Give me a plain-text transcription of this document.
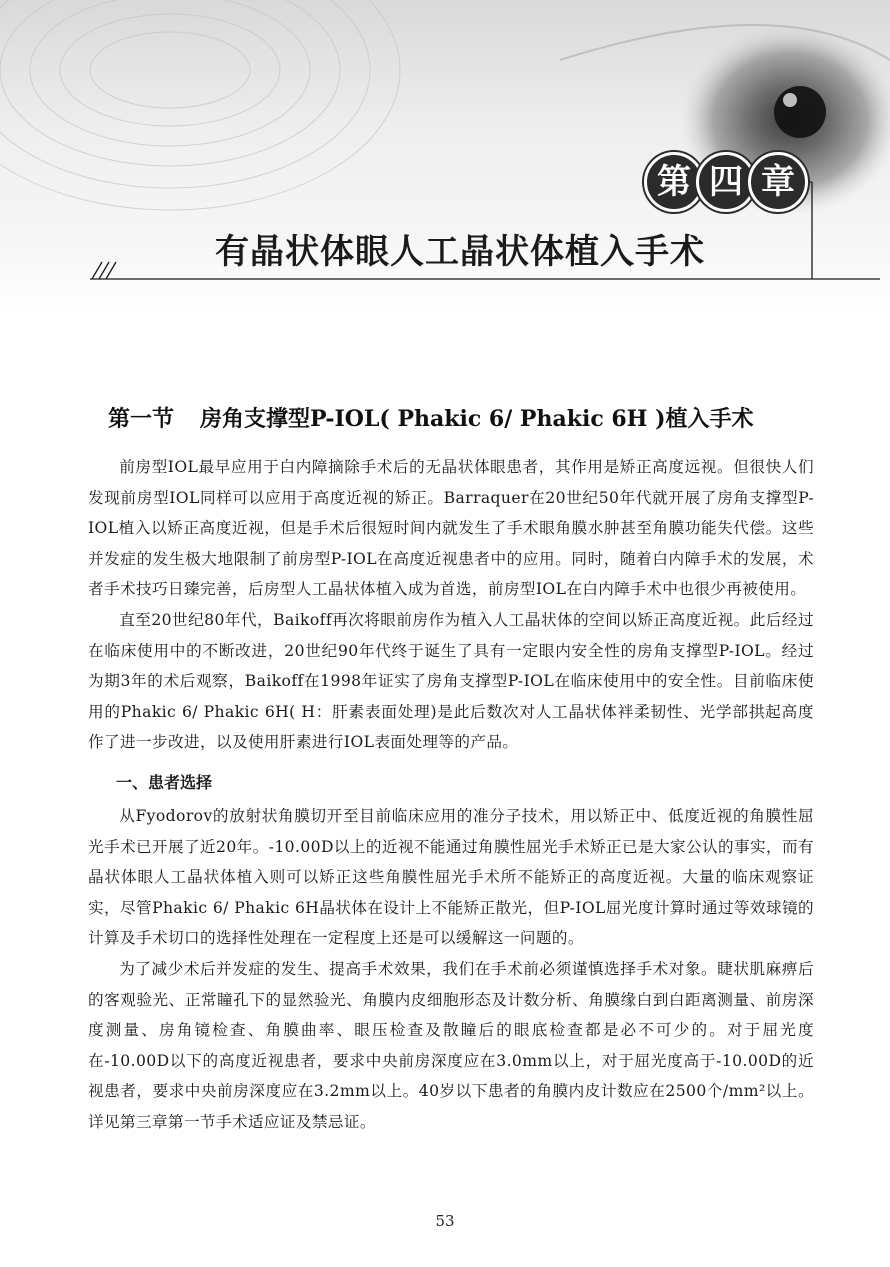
第 四 章
有晶状体眼人工晶状体植入手术
第一节 房角支撑型P-IOL( Phakic 6/ Phakic 6H )植入手术

前房型IOL最早应用于白内障摘除手术后的无晶状体眼患者，其作用是矫正高度远视。但很快人们发现前房型IOL同样可以应用于高度近视的矫正。Barraquer在20世纪50年代就开展了房角支撑型P-IOL植入以矫正高度近视，但是手术后很短时间内就发生了手术眼角膜水肿甚至角膜功能失代偿。这些并发症的发生极大地限制了前房型P-IOL在高度近视患者中的应用。同时，随着白内障手术的发展，术者手术技巧日臻完善，后房型人工晶状体植入成为首选，前房型IOL在白内障手术中也很少再被使用。

直至20世纪80年代，Baikoff再次将眼前房作为植入人工晶状体的空间以矫正高度近视。此后经过在临床使用中的不断改进，20世纪90年代终于诞生了具有一定眼内安全性的房角支撑型P-IOL。经过为期3年的术后观察，Baikoff在1998年证实了房角支撑型P-IOL在临床使用中的安全性。目前临床使用的Phakic 6/ Phakic 6H( H：肝素表面处理)是此后数次对人工晶状体袢柔韧性、光学部拱起高度作了进一步改进，以及使用肝素进行IOL表面处理等的产品。

一、患者选择

从Fyodorov的放射状角膜切开至目前临床应用的准分子技术，用以矫正中、低度近视的角膜性屈光手术已开展了近20年。-10.00D以上的近视不能通过角膜性屈光手术矫正已是大家公认的事实，而有晶状体眼人工晶状体植入则可以矫正这些角膜性屈光手术所不能矫正的高度近视。大量的临床观察证实，尽管Phakic 6/ Phakic 6H晶状体在设计上不能矫正散光，但P-IOL屈光度计算时通过等效球镜的计算及手术切口的选择性处理在一定程度上还是可以缓解这一问题的。

为了减少术后并发症的发生、提高手术效果，我们在手术前必须谨慎选择手术对象。睫状肌麻痹后的客观验光、正常瞳孔下的显然验光、角膜内皮细胞形态及计数分析、角膜缘白到白距离测量、前房深度测量、房角镜检查、角膜曲率、眼压检查及散瞳后的眼底检查都是必不可少的。对于屈光度在-10.00D以下的高度近视患者，要求中央前房深度应在3.0mm以上，对于屈光度高于-10.00D的近视患者，要求中央前房深度应在3.2mm以上。40岁以下患者的角膜内皮计数应在2500个/mm²以上。详见第三章第一节手术适应证及禁忌证。

53
